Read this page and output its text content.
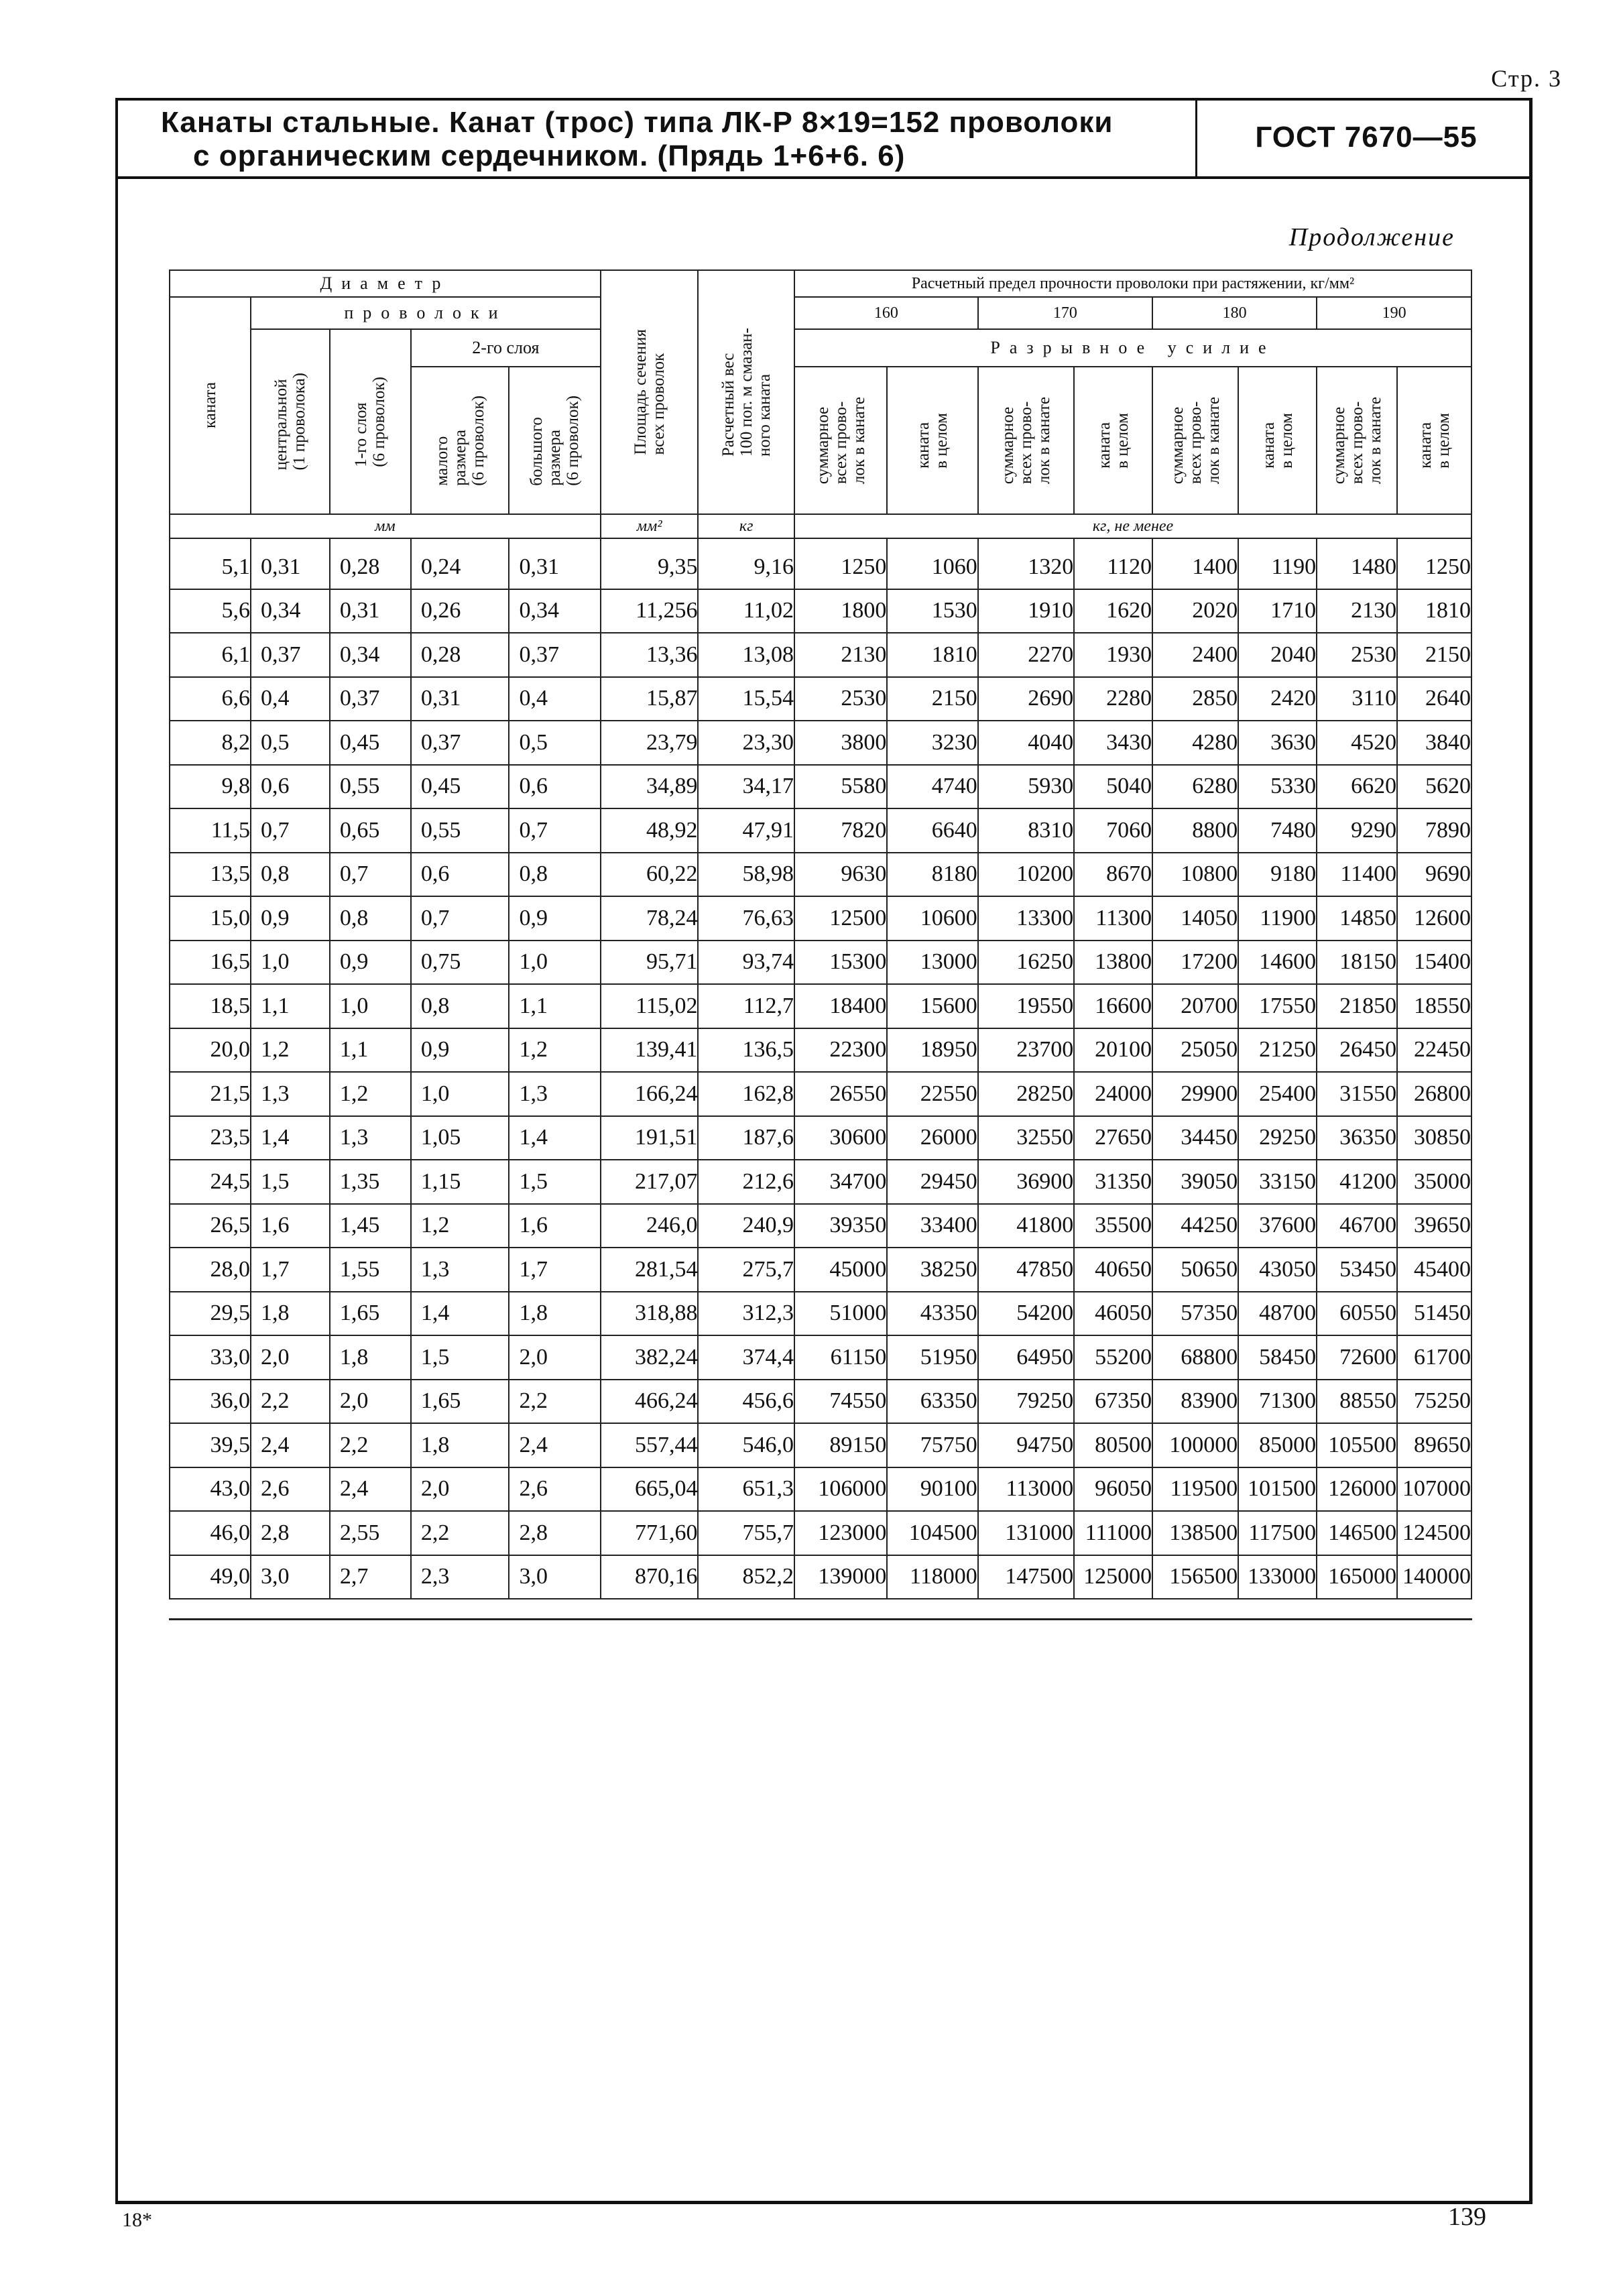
Стр. 3
Канаты стальные. Канат (трос) типа ЛК-Р 8×19=152 проволоки
с органическим сердечником. (Прядь 1+6+6. 6)
ГОСТ 7670—55
Продолжение
Диаметр					Площадь сечения
всех проволок	Расчетный вес
100 пог. м смазан-
ного каната	Расчетный предел прочности проволоки при растяжении, кг/мм²							

каната	проволоки						160		170		180		190	

	центральной
(1 проволока)	1-го слоя
(6 проволок)	2-го слоя				Разрывное усилие							

			малого
размера
(6 проволок)	большого
размера
(6 проволок)			суммарное
всех прово-
лок в канате	каната
в целом	суммарное
всех прово-
лок в канате	каната
в целом	суммарное
всех прово-
лок в канате	каната
в целом	суммарное
всех прово-
лок в канате	каната
в целом

мм					мм²	кг	кг, не менее							
5,1	0,31	0,28	0,24	0,31	9,35	9,16	1250	1060	1320	1120	1400	1190	1480	1250
5,6	0,34	0,31	0,26	0,34	11,256	11,02	1800	1530	1910	1620	2020	1710	2130	1810
6,1	0,37	0,34	0,28	0,37	13,36	13,08	2130	1810	2270	1930	2400	2040	2530	2150
6,6	0,4	0,37	0,31	0,4	15,87	15,54	2530	2150	2690	2280	2850	2420	3110	2640
8,2	0,5	0,45	0,37	0,5	23,79	23,30	3800	3230	4040	3430	4280	3630	4520	3840
9,8	0,6	0,55	0,45	0,6	34,89	34,17	5580	4740	5930	5040	6280	5330	6620	5620
11,5	0,7	0,65	0,55	0,7	48,92	47,91	7820	6640	8310	7060	8800	7480	9290	7890
13,5	0,8	0,7	0,6	0,8	60,22	58,98	9630	8180	10200	8670	10800	9180	11400	9690
15,0	0,9	0,8	0,7	0,9	78,24	76,63	12500	10600	13300	11300	14050	11900	14850	12600
16,5	1,0	0,9	0,75	1,0	95,71	93,74	15300	13000	16250	13800	17200	14600	18150	15400
18,5	1,1	1,0	0,8	1,1	115,02	112,7	18400	15600	19550	16600	20700	17550	21850	18550
20,0	1,2	1,1	0,9	1,2	139,41	136,5	22300	18950	23700	20100	25050	21250	26450	22450
21,5	1,3	1,2	1,0	1,3	166,24	162,8	26550	22550	28250	24000	29900	25400	31550	26800
23,5	1,4	1,3	1,05	1,4	191,51	187,6	30600	26000	32550	27650	34450	29250	36350	30850
24,5	1,5	1,35	1,15	1,5	217,07	212,6	34700	29450	36900	31350	39050	33150	41200	35000
26,5	1,6	1,45	1,2	1,6	246,0	240,9	39350	33400	41800	35500	44250	37600	46700	39650
28,0	1,7	1,55	1,3	1,7	281,54	275,7	45000	38250	47850	40650	50650	43050	53450	45400
29,5	1,8	1,65	1,4	1,8	318,88	312,3	51000	43350	54200	46050	57350	48700	60550	51450
33,0	2,0	1,8	1,5	2,0	382,24	374,4	61150	51950	64950	55200	68800	58450	72600	61700
36,0	2,2	2,0	1,65	2,2	466,24	456,6	74550	63350	79250	67350	83900	71300	88550	75250
39,5	2,4	2,2	1,8	2,4	557,44	546,0	89150	75750	94750	80500	100000	85000	105500	89650
43,0	2,6	2,4	2,0	2,6	665,04	651,3	106000	90100	113000	96050	119500	101500	126000	107000
46,0	2,8	2,55	2,2	2,8	771,60	755,7	123000	104500	131000	111000	138500	117500	146500	124500
49,0	3,0	2,7	2,3	3,0	870,16	852,2	139000	118000	147500	125000	156500	133000	165000	140000
18*	139
